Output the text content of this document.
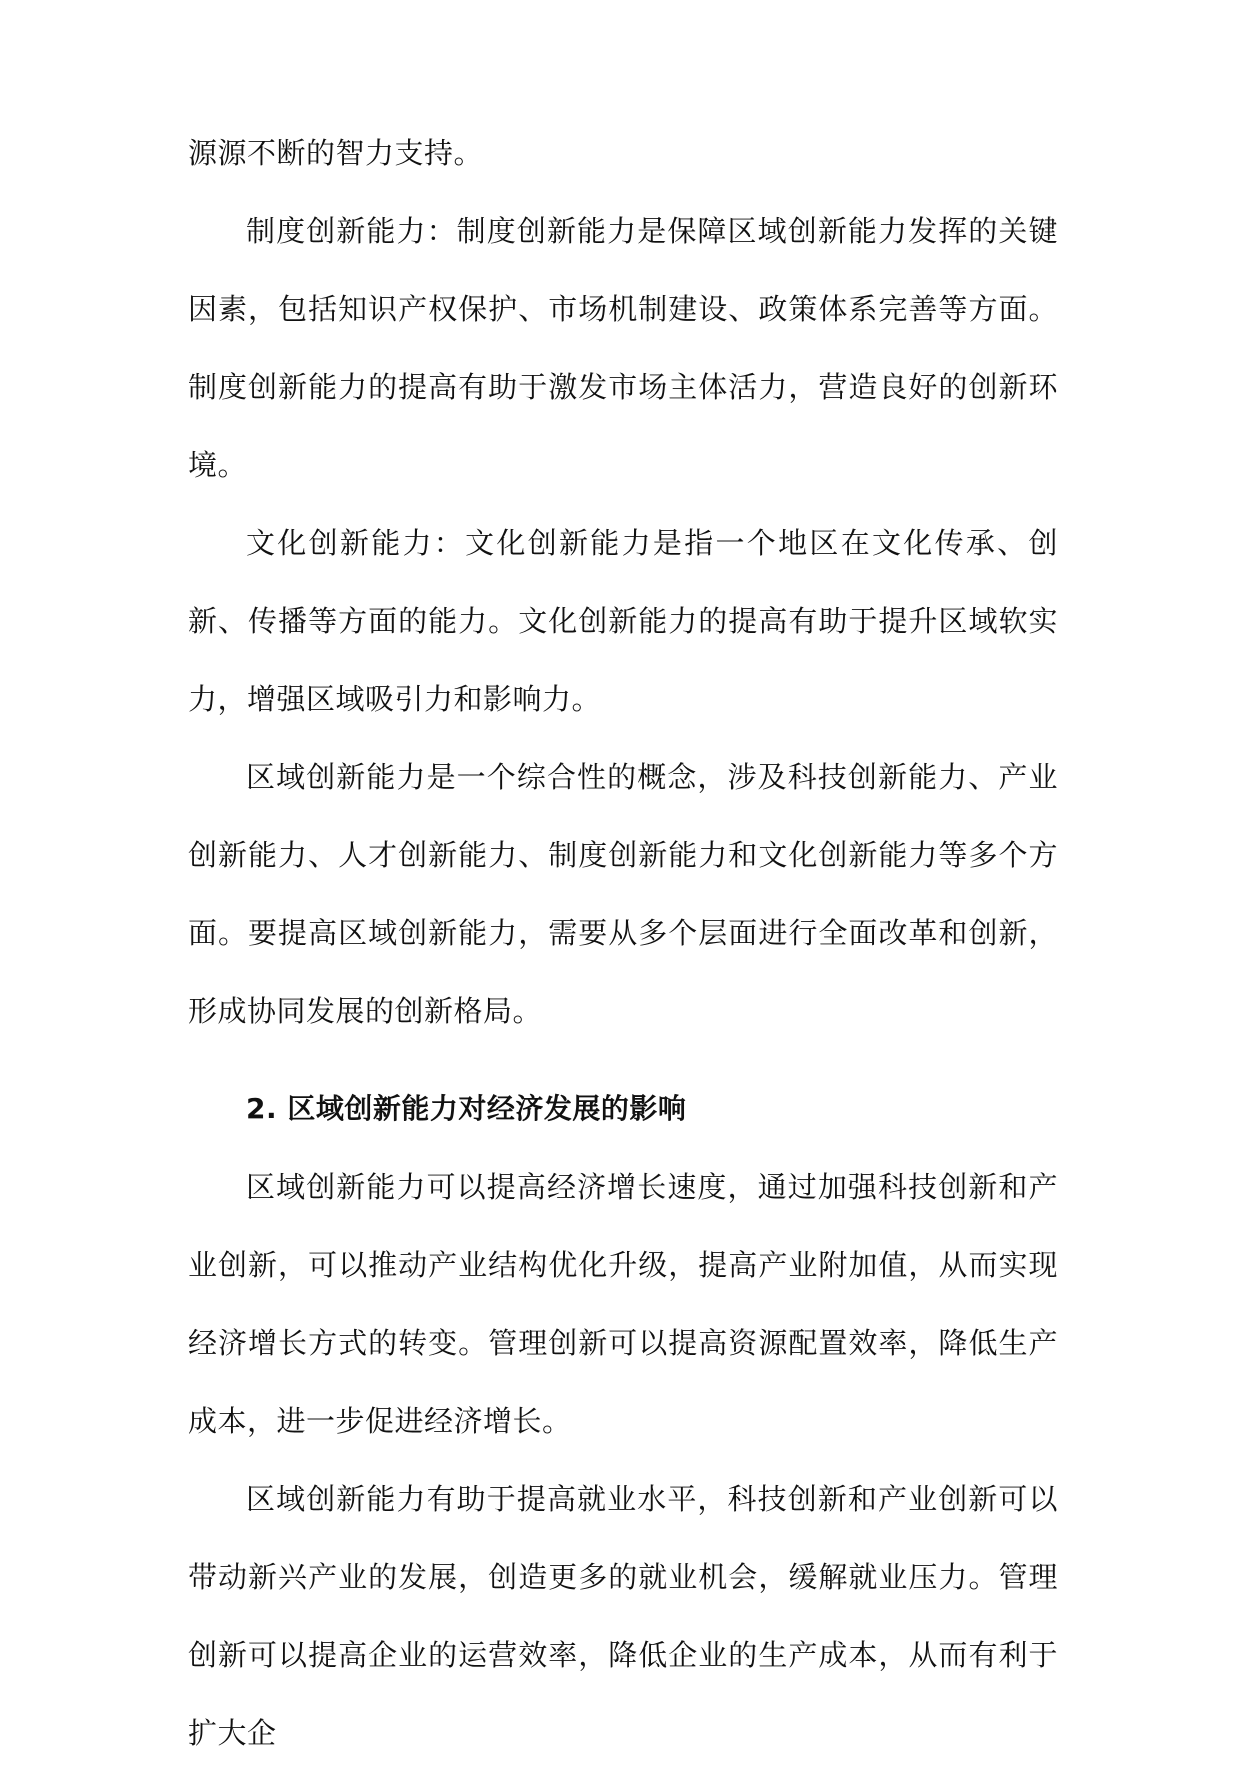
源源不断的智力支持。

制度创新能力：制度创新能力是保障区域创新能力发挥的关键因素，包括知识产权保护、市场机制建设、政策体系完善等方面。制度创新能力的提高有助于激发市场主体活力，营造良好的创新环境。

文化创新能力：文化创新能力是指一个地区在文化传承、创新、传播等方面的能力。文化创新能力的提高有助于提升区域软实力，增强区域吸引力和影响力。

区域创新能力是一个综合性的概念，涉及科技创新能力、产业创新能力、人才创新能力、制度创新能力和文化创新能力等多个方面。要提高区域创新能力，需要从多个层面进行全面改革和创新，形成协同发展的创新格局。

2. 区域创新能力对经济发展的影响

区域创新能力可以提高经济增长速度，通过加强科技创新和产业创新，可以推动产业结构优化升级，提高产业附加值，从而实现经济增长方式的转变。管理创新可以提高资源配置效率，降低生产成本，进一步促进经济增长。

区域创新能力有助于提高就业水平，科技创新和产业创新可以带动新兴产业的发展，创造更多的就业机会，缓解就业压力。管理创新可以提高企业的运营效率，降低企业的生产成本，从而有利于扩大企
